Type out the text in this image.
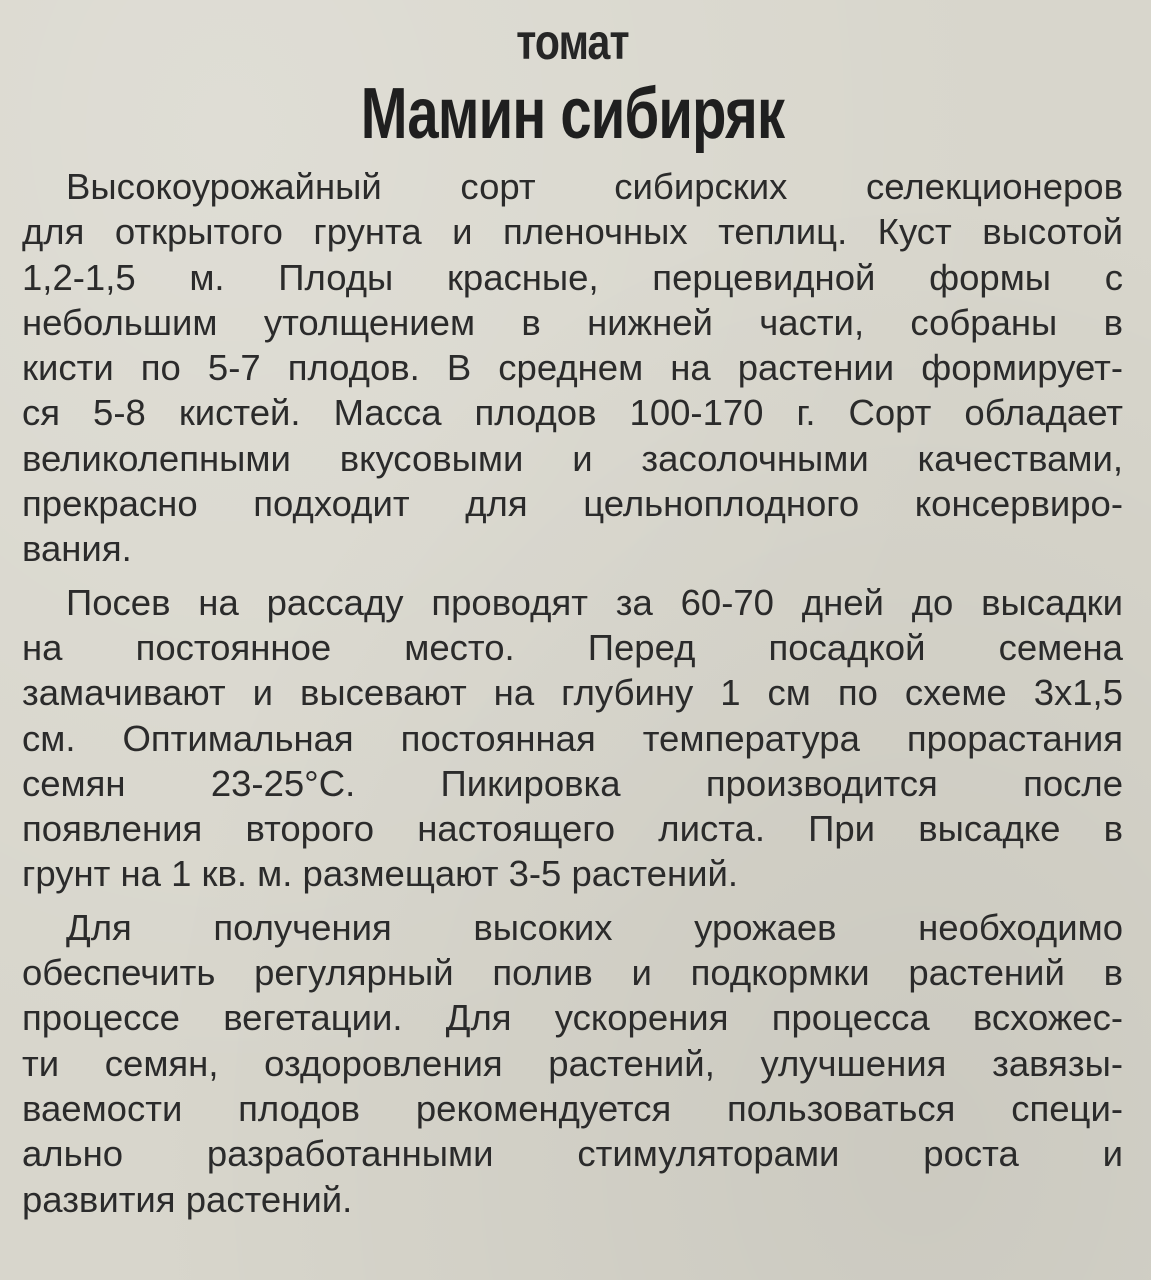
томат
Мамин сибиряк
Высокоурожайный сорт сибирских селекционеров
для открытого грунта и пленочных теплиц. Куст высотой
1,2-1,5 м. Плоды красные, перцевидной формы с
небольшим утолщением в нижней части, собраны в
кисти по 5-7 плодов. В среднем на растении формирует-
ся 5-8 кистей. Масса плодов 100-170 г. Сорт обладает
великолепными вкусовыми и засолочными качествами,
прекрасно подходит для цельноплодного консервиро-
вания.
Посев на рассаду проводят за 60-70 дней до высадки
на постоянное место. Перед посадкой семена
замачивают и высевают на глубину 1 см по схеме 3х1,5
см. Оптимальная постоянная температура прорастания
семян 23-25°С. Пикировка производится после
появления второго настоящего листа. При высадке в
грунт на 1 кв. м. размещают 3-5 растений.
Для получения высоких урожаев необходимо
обеспечить регулярный полив и подкормки растений в
процессе вегетации. Для ускорения процесса всхожес-
ти семян, оздоровления растений, улучшения завязы-
ваемости плодов рекомендуется пользоваться специ-
ально разработанными стимуляторами роста и
развития растений.
